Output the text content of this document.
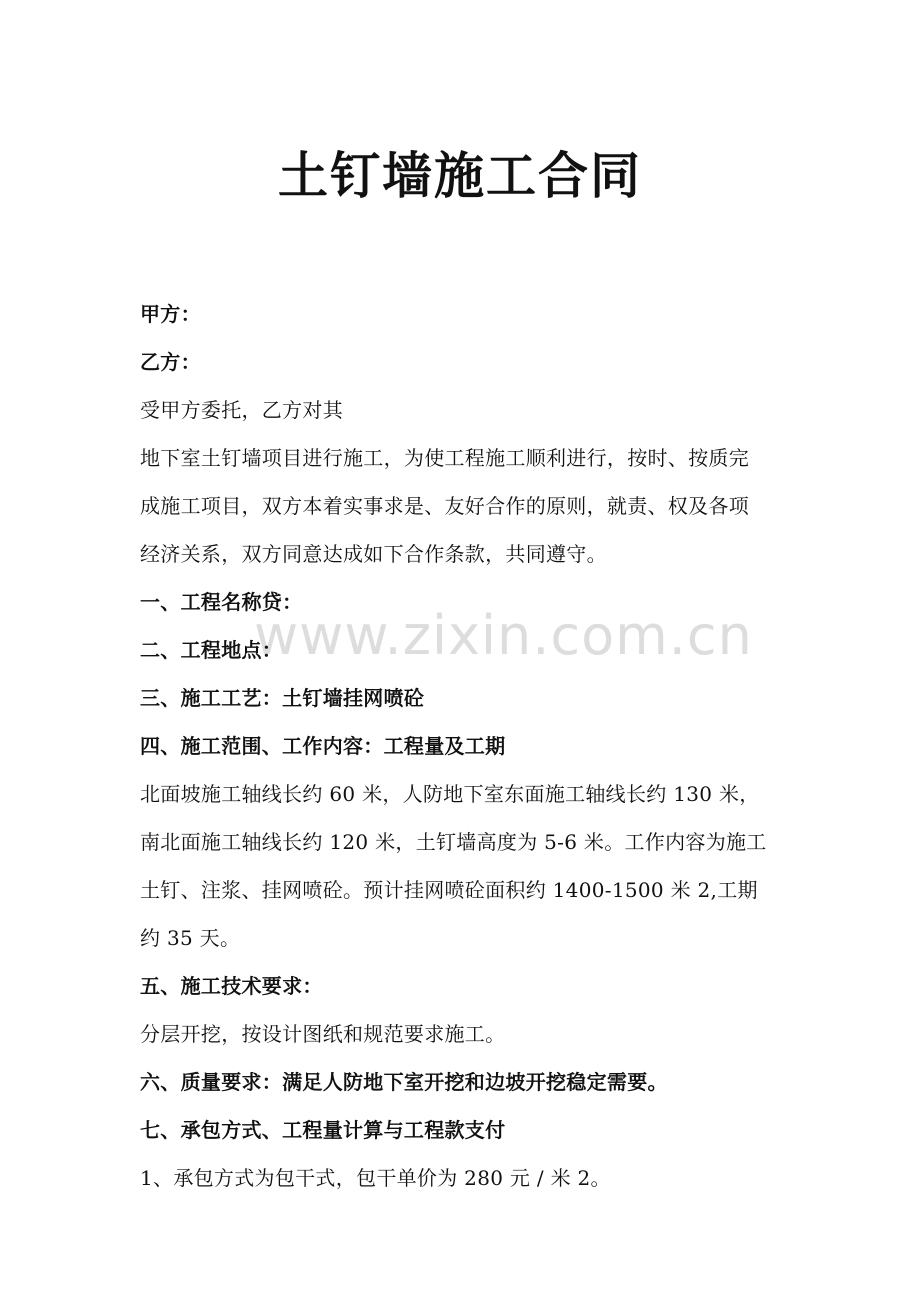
土钉墙施工合同
www.zixin.com.cn
甲方：
乙方：
受甲方委托，乙方对其
地下室土钉墙项目进行施工，为使工程施工顺利进行，按时、按质完
成施工项目，双方本着实事求是、友好合作的原则，就责、权及各项
经济关系，双方同意达成如下合作条款，共同遵守。
一、工程名称贷：
二、工程地点：
三、施工工艺：土钉墙挂网喷砼
四、施工范围、工作内容：工程量及工期
北面坡施工轴线长约 60 米，人防地下室东面施工轴线长约 130 米，
南北面施工轴线长约 120 米，土钉墙高度为 5-6 米。工作内容为施工
土钉、注浆、挂网喷砼。预计挂网喷砼面积约 1400-1500 米 2,工期
约 35 天。
五、施工技术要求：
分层开挖，按设计图纸和规范要求施工。
六、质量要求：满足人防地下室开挖和边坡开挖稳定需要。
七、承包方式、工程量计算与工程款支付
1、承包方式为包干式，包干单价为 280 元 / 米 2。
